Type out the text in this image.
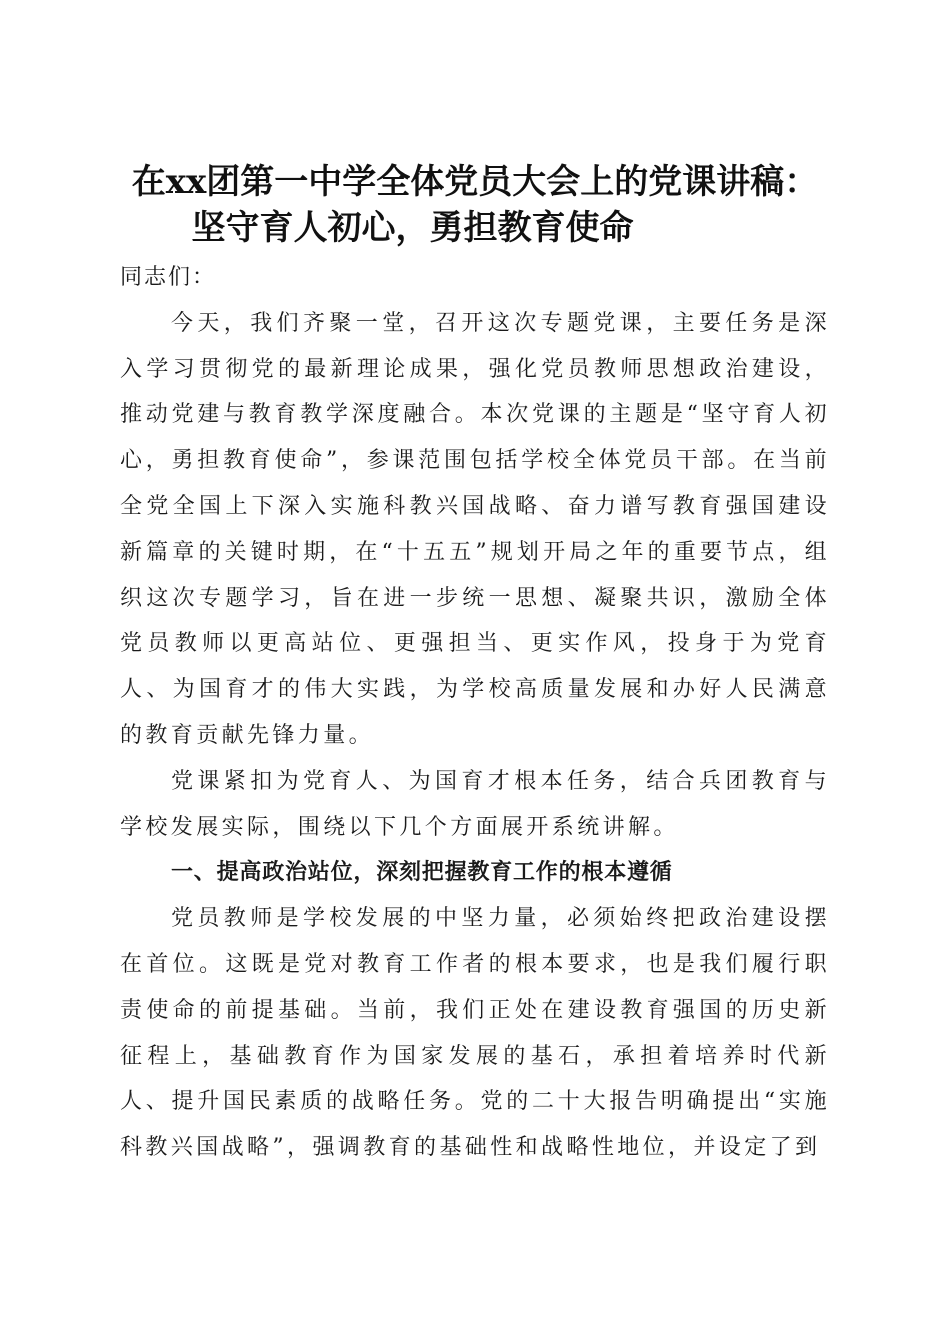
在xx团第一中学全体党员大会上的党课讲稿：
坚守育人初心，勇担教育使命

同志们：

今天，我们齐聚一堂，召开这次专题党课，主要任务是深入学习贯彻党的最新理论成果，强化党员教师思想政治建设，推动党建与教育教学深度融合。本次党课的主题是“坚守育人初心，勇担教育使命”，参课范围包括学校全体党员干部。在当前全党全国上下深入实施科教兴国战略、奋力谱写教育强国建设新篇章的关键时期，在“十五五”规划开局之年的重要节点，组织这次专题学习，旨在进一步统一思想、凝聚共识，激励全体党员教师以更高站位、更强担当、更实作风，投身于为党育人、为国育才的伟大实践，为学校高质量发展和办好人民满意的教育贡献先锋力量。

党课紧扣为党育人、为国育才根本任务，结合兵团教育与学校发展实际，围绕以下几个方面展开系统讲解。

一、提高政治站位，深刻把握教育工作的根本遵循

党员教师是学校发展的中坚力量，必须始终把政治建设摆在首位。这既是党对教育工作者的根本要求，也是我们履行职责使命的前提基础。当前，我们正处在建设教育强国的历史新征程上，基础教育作为国家发展的基石，承担着培养时代新人、提升国民素质的战略任务。党的二十大报告明确提出“实施科教兴国战略”，强调教育的基础性和战略性地位，并设定了到
